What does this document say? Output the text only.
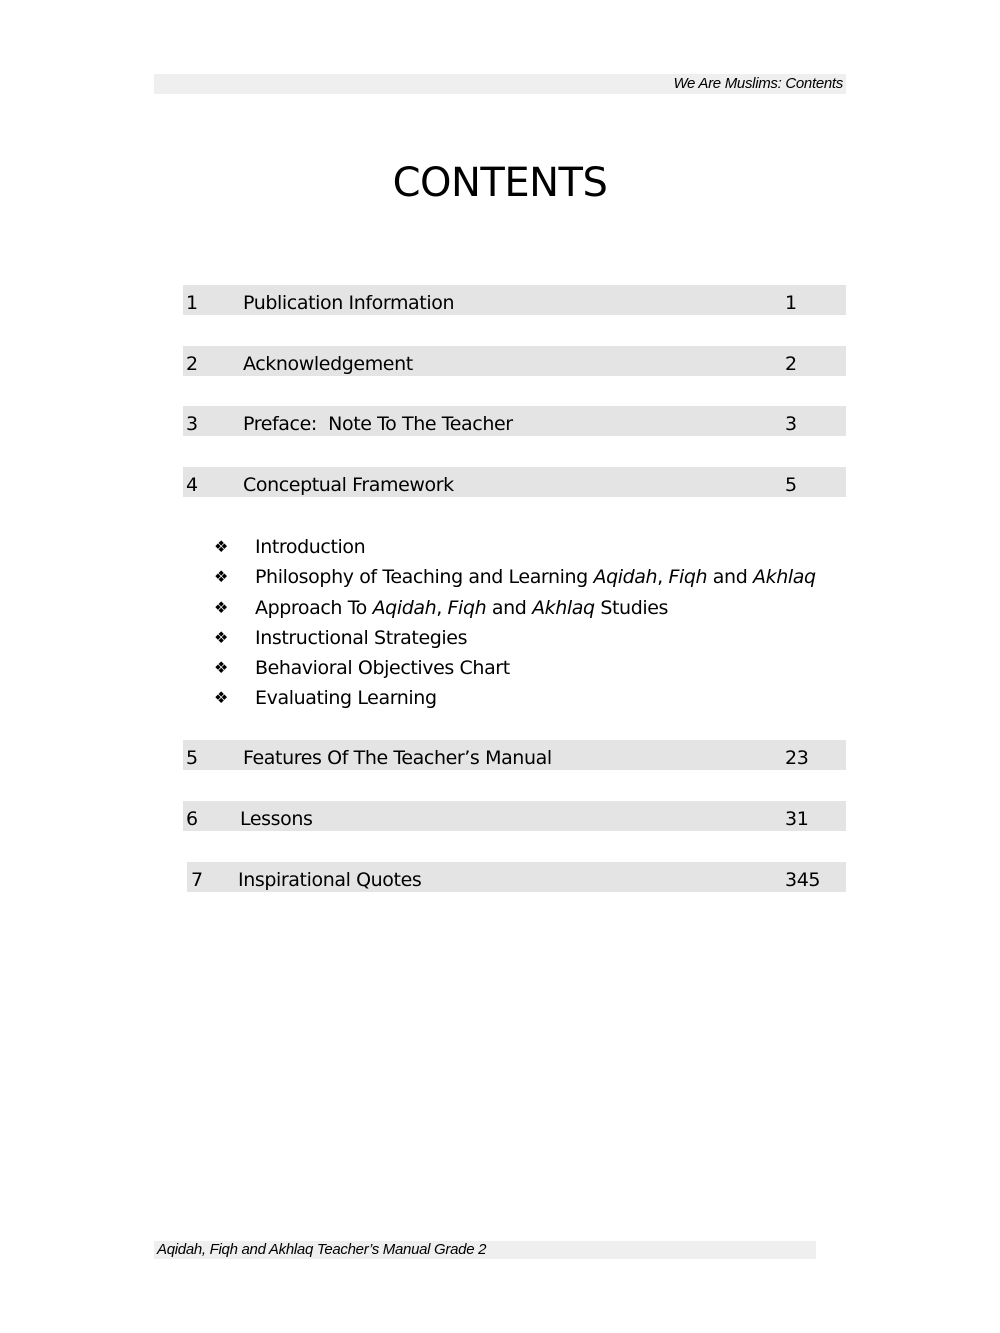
We Are Muslims: Contents
CONTENTS
1 Publication Information	1
2 Acknowledgement	2
3 Preface:  Note To The Teacher	3
4 Conceptual Framework	5
❖ Introduction
❖ Philosophy of Teaching and Learning Aqidah, Fiqh and Akhlaq
❖ Approach To Aqidah, Fiqh and Akhlaq Studies
❖ Instructional Strategies
❖ Behavioral Objectives Chart
❖ Evaluating Learning
5 Features Of The Teacher’s Manual	23
6 Lessons	31
7 Inspirational Quotes	345
Aqidah, Fiqh and Akhlaq Teacher’s Manual Grade 2
